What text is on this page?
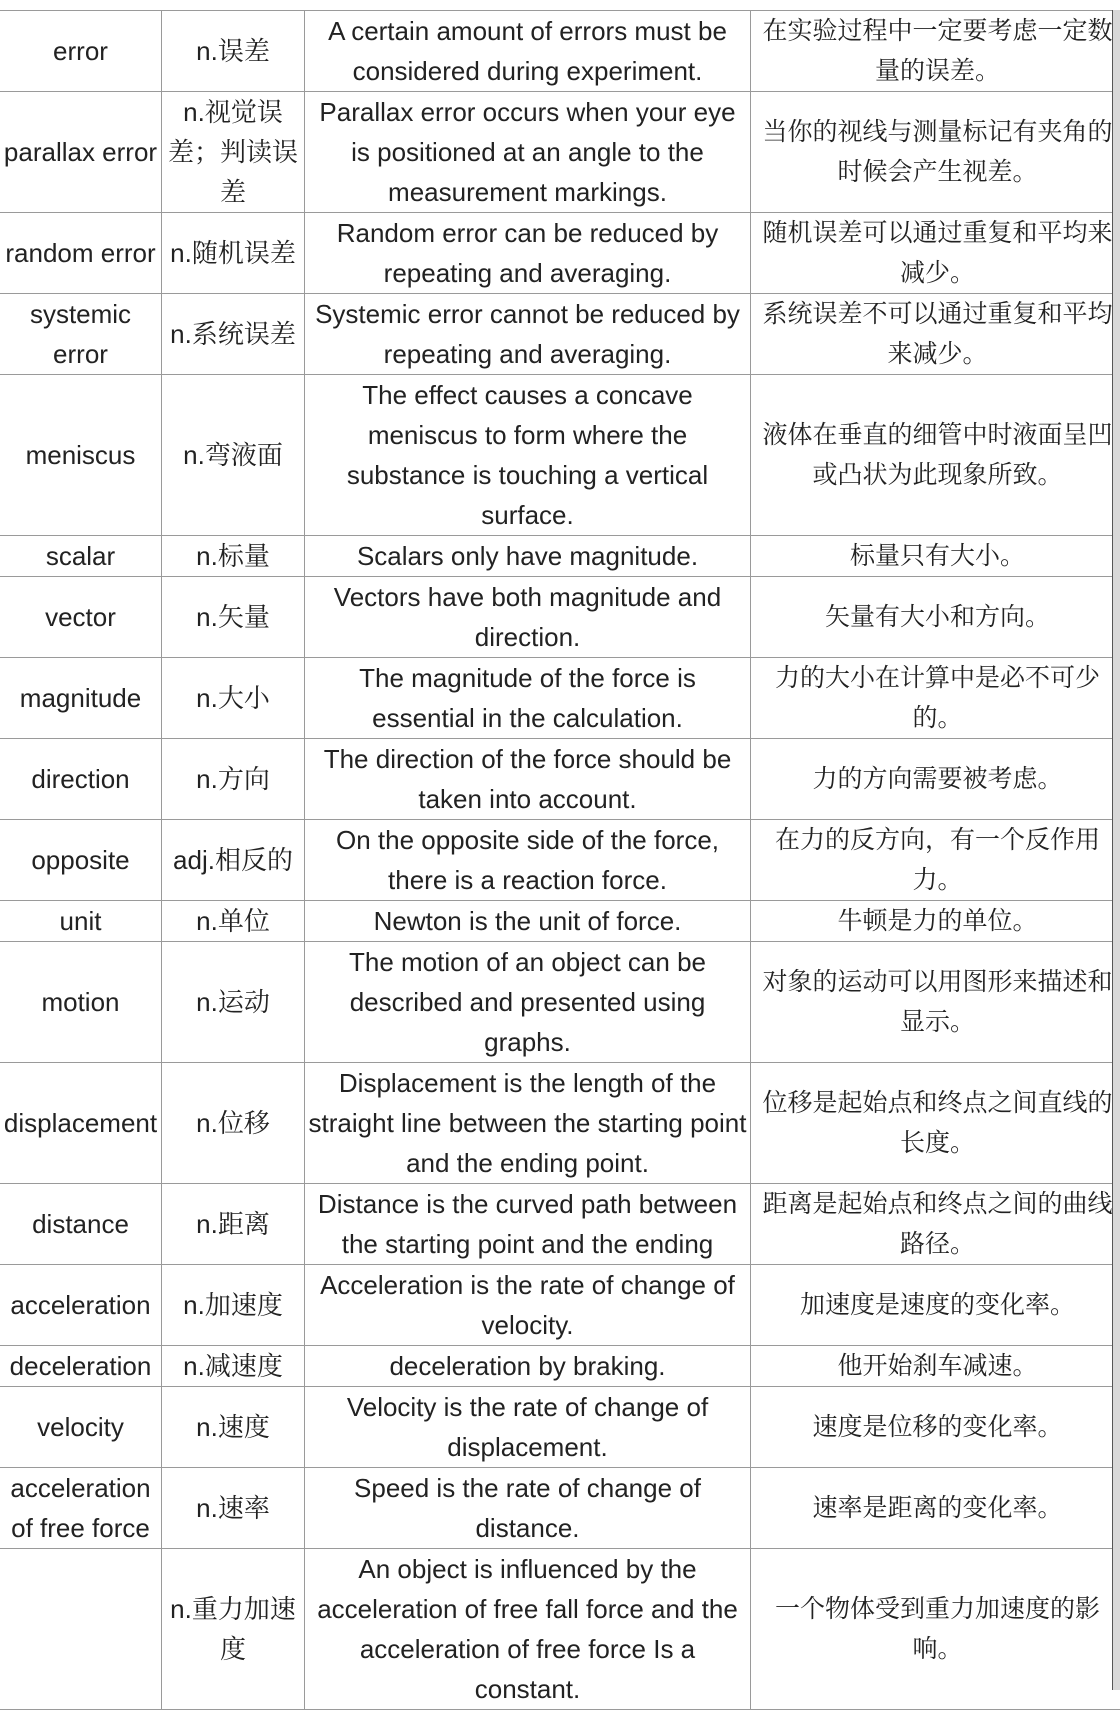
error	n.误差	A certain amount of errors must be considered during experiment.	在实验过程中一定要考虑一定数量的误差。
parallax error	n.视觉误差；判读误差	Parallax error occurs when your eye is positioned at an angle to the measurement markings.	当你的视线与测量标记有夹角的时候会产生视差。
random error	n.随机误差	Random error can be reduced by repeating and averaging.	随机误差可以通过重复和平均来减少。
systemic error	n.系统误差	Systemic error cannot be reduced by repeating and averaging.	系统误差不可以通过重复和平均来减少。
meniscus	n.弯液面	The effect causes a concave meniscus to form where the substance is touching a vertical surface.	液体在垂直的细管中时液面呈凹或凸状为此现象所致。
scalar	n.标量	Scalars only have magnitude.	标量只有大小。
vector	n.矢量	Vectors have both magnitude and direction.	矢量有大小和方向。
magnitude	n.大小	The magnitude of the force is essential in the calculation.	力的大小在计算中是必不可少的。
direction	n.方向	The direction of the force should be taken into account.	力的方向需要被考虑。
opposite	adj.相反的	On the opposite side of the force, there is a reaction force.	在力的反方向，有一个反作用力。
unit	n.单位	Newton is the unit of force.	牛顿是力的单位。
motion	n.运动	The motion of an object can be described and presented using graphs.	对象的运动可以用图形来描述和显示。
displacement	n.位移	Displacement is the length of the straight line between the starting point and the ending point.	位移是起始点和终点之间直线的长度。
distance	n.距离	Distance is the curved path between the starting point and the ending	距离是起始点和终点之间的曲线路径。
acceleration	n.加速度	Acceleration is the rate of change of velocity.	加速度是速度的变化率。
deceleration	n.减速度	deceleration by braking.	他开始刹车减速。
velocity	n.速度	Velocity is the rate of change of displacement.	速度是位移的变化率。
acceleration of free force	n.速率	Speed is the rate of change of distance.	速率是距离的变化率。
	n.重力加速度	An object is influenced by the acceleration of free fall force and the acceleration of free force Is a constant.	一个物体受到重力加速度的影响。
